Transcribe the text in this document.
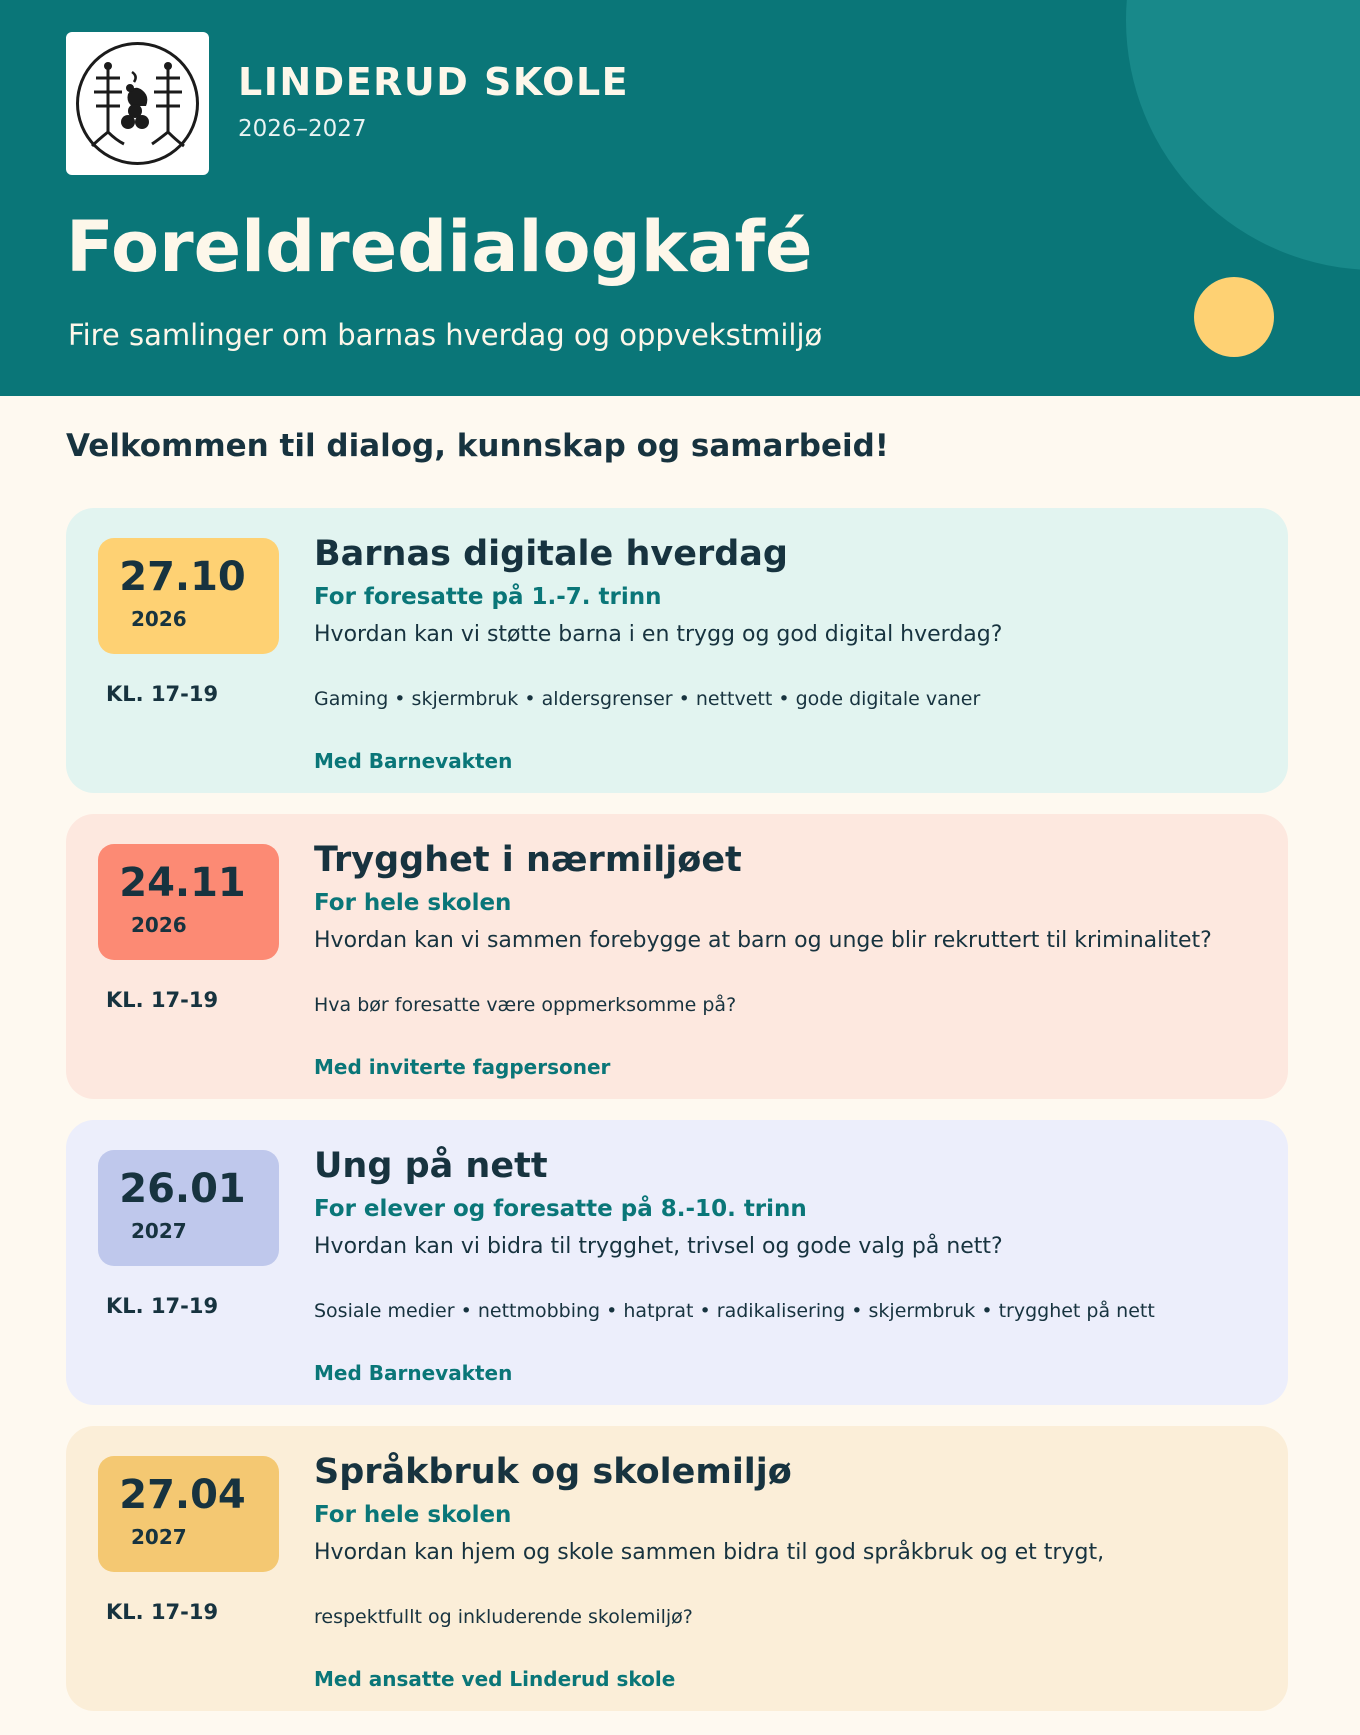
LINDERUD SKOLE
2026–2027
Foreldredialogkafé
Fire samlinger om barnas hverdag og oppvekstmiljø
Velkommen til dialog, kunnskap og samarbeid!
27.10
2026
KL. 17-19
Barnas digitale hverdag
For foresatte på 1.-7. trinn
Hvordan kan vi støtte barna i en trygg og god digital hverdag?
Gaming • skjermbruk • aldersgrenser • nettvett • gode digitale vaner
Med Barnevakten
24.11
2026
KL. 17-19
Trygghet i nærmiljøet
For hele skolen
Hvordan kan vi sammen forebygge at barn og unge blir rekruttert til kriminalitet?
Hva bør foresatte være oppmerksomme på?
Med inviterte fagpersoner
26.01
2027
KL. 17-19
Ung på nett
For elever og foresatte på 8.-10. trinn
Hvordan kan vi bidra til trygghet, trivsel og gode valg på nett?
Sosiale medier • nettmobbing • hatprat • radikalisering • skjermbruk • trygghet på nett
Med Barnevakten
27.04
2027
KL. 17-19
Språkbruk og skolemiljø
For hele skolen
Hvordan kan hjem og skole sammen bidra til god språkbruk og et trygt,
respektfullt og inkluderende skolemiljø?
Med ansatte ved Linderud skole
